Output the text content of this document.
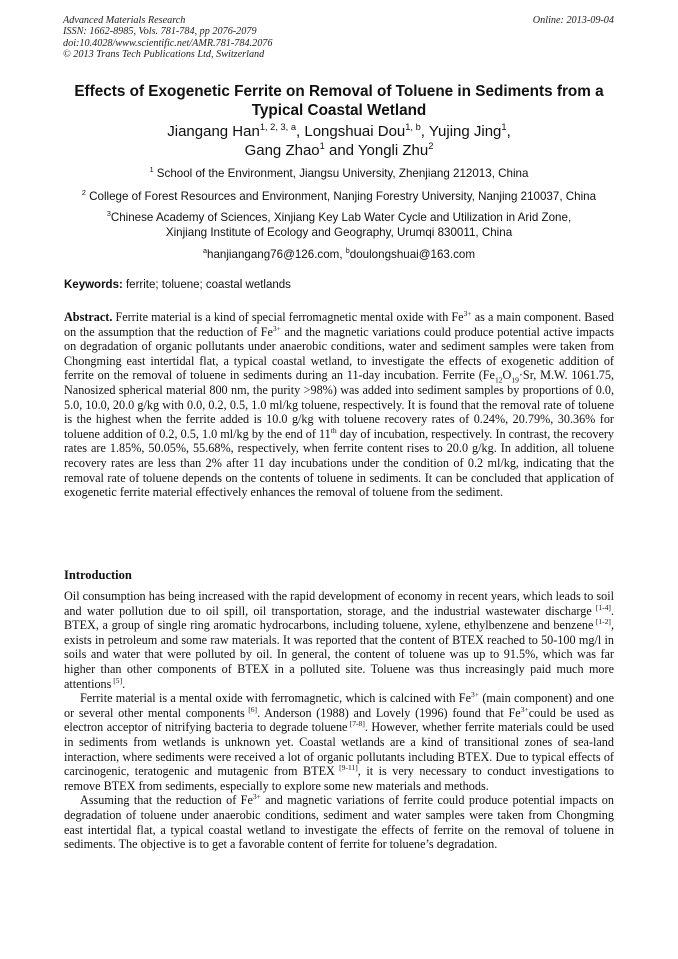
Advanced Materials Research
ISSN: 1662-8985, Vols. 781-784, pp 2076-2079
doi:10.4028/www.scientific.net/AMR.781-784.2076
© 2013 Trans Tech Publications Ltd, Switzerland
Online: 2013-09-04
Effects of Exogenetic Ferrite on Removal of Toluene in Sediments from a
Typical Coastal Wetland
Jiangang Han$^{1, 2, 3, a}$, Longshuai Dou$^{1, b}$, Yujing Jing$^1$,
Gang Zhao$^1$ and Yongli Zhu$^2$
$^1$ School of the Environment, Jiangsu University, Zhenjiang 212013, China
$^2$ College of Forest Resources and Environment, Nanjing Forestry University, Nanjing 210037, China
$^3$Chinese Academy of Sciences, Xinjiang Key Lab Water Cycle and Utilization in Arid Zone,
Xinjiang Institute of Ecology and Geography, Urumqi 830011, China
$^a$hanjiangang76@126.com, $^b$doulongshuai@163.com
Keywords: ferrite; toluene; coastal wetlands

Abstract. Ferrite material is a kind of special ferromagnetic mental oxide with $Fe^{3+}$ as a main component. Based on the assumption that the reduction of $Fe^{3+}$ and the magnetic variations could produce potential active impacts on degradation of organic pollutants under anaerobic conditions, water and sediment samples were taken from Chongming east intertidal flat, a typical coastal wetland, to investigate the effects of exogenetic addition of ferrite on the removal of toluene in sediments during an 11-day incubation. Ferrite ($Fe_{12}O_{19}\cdot Sr$, M.W. 1061.75, Nanosized spherical material 800 nm, the purity >98%) was added into sediment samples by proportions of 0.0, 5.0, 10.0, 20.0 g/kg with 0.0, 0.2, 0.5, 1.0 ml/kg toluene, respectively. It is found that the removal rate of toluene is the highest when the ferrite added is 10.0 g/kg with toluene recovery rates of 0.24%, 20.79%, 30.36% for toluene addition of 0.2, 0.5, 1.0 ml/kg by the end of 11th day of incubation, respectively. In contrast, the recovery rates are 1.85%, 50.05%, 55.68%, respectively, when ferrite content rises to 20.0 g/kg. In addition, all toluene recovery rates are less than 2% after 11 day incubations under the condition of 0.2 ml/kg, indicating that the removal rate of toluene depends on the contents of toluene in sediments. It can be concluded that application of exogenetic ferrite material effectively enhances the removal of toluene from the sediment.

Introduction

Oil consumption has being increased with the rapid development of economy in recent years, which leads to soil and water pollution due to oil spill, oil transportation, storage, and the industrial wastewater discharge [1-4]. BTEX, a group of single ring aromatic hydrocarbons, including toluene, xylene, ethylbenzene and benzene [1-2], exists in petroleum and some raw materials. It was reported that the content of BTEX reached to 50-100 mg/l in soils and water that were polluted by oil. In general, the content of toluene was up to 91.5%, which was far higher than other components of BTEX in a polluted site. Toluene was thus increasingly paid much more attentions [5].

Ferrite material is a mental oxide with ferromagnetic, which is calcined with $Fe^{3+}$ (main component) and one or several other mental components [6]. Anderson (1988) and Lovely (1996) found that $Fe^{3+}could$ be used as electron acceptor of nitrifying bacteria to degrade toluene [7-8]. However, whether ferrite materials could be used in sediments from wetlands is unknown yet. Coastal wetlands are a kind of transitional zones of sea-land interaction, where sediments were received a lot of organic pollutants including BTEX. Due to typical effects of carcinogenic, teratogenic and mutagenic from BTEX [9-11], it is very necessary to conduct investigations to remove BTEX from sediments, especially to explore some new materials and methods.

Assuming that the reduction of $Fe^{3+}$ and magnetic variations of ferrite could produce potential impacts on degradation of toluene under anaerobic conditions, sediment and water samples were taken from Chongming east intertidal flat, a typical coastal wetland to investigate the effects of ferrite on the removal of toluene in sediments. The objective is to get a favorable content of ferrite for toluene’s degradation.
